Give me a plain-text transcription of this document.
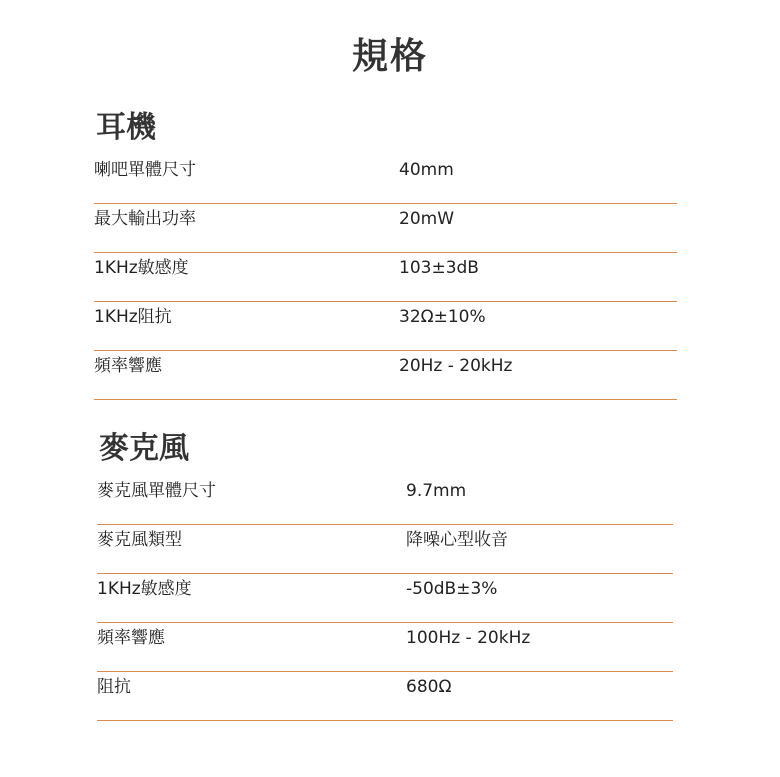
規格
耳機
喇吧單體尺寸	40mm
最大輸出功率	20mW
1KHz敏感度	103±3dB
1KHz阻抗	32Ω±10%
頻率響應	20Hz - 20kHz
麥克風
麥克風單體尺寸	9.7mm
麥克風類型	降噪心型收音
1KHz敏感度	-50dB±3%
頻率響應	100Hz - 20kHz
阻抗	680Ω
